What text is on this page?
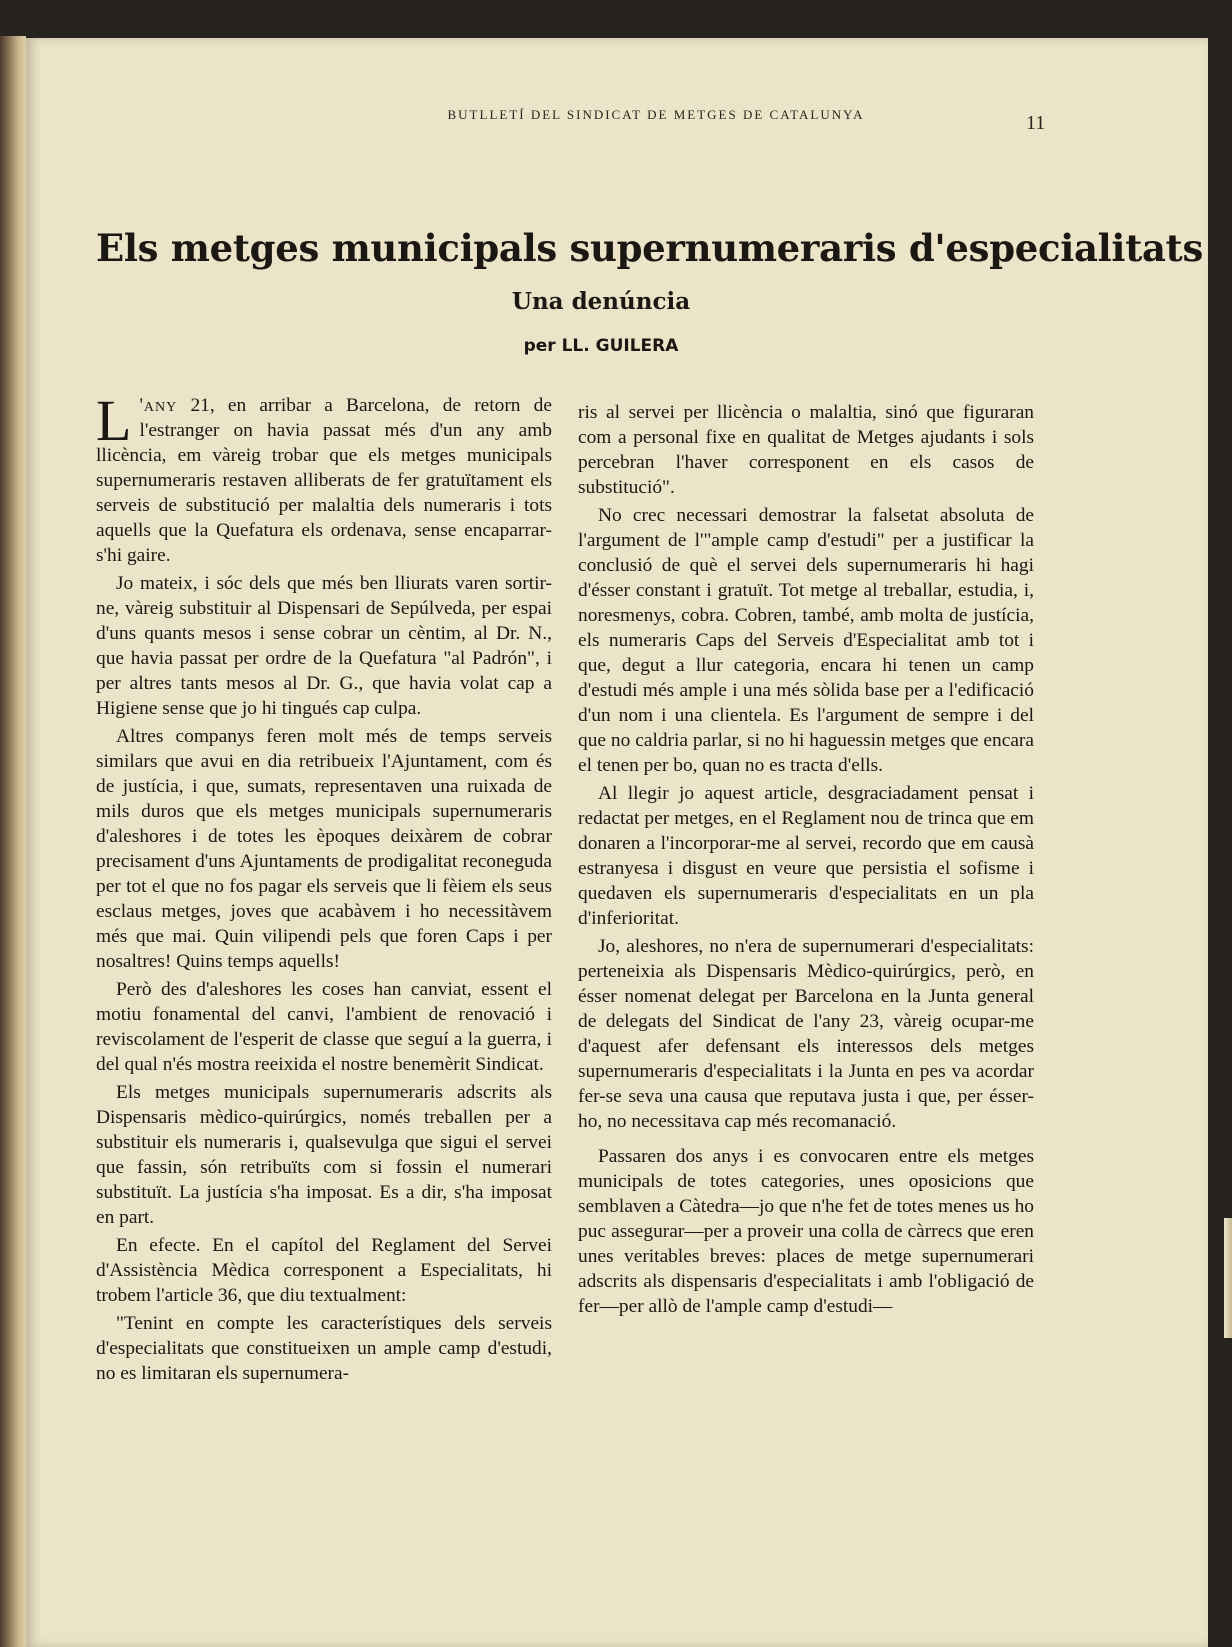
BUTLLETÍ DEL SINDICAT DE METGES DE CATALUNYA	11
Els metges municipals supernumeraris d'especialitats
Una denúncia
per LL. GUILERA

L 'any 21, en arribar a Barcelona, de retorn de l'estranger on havia passat més d'un any amb llicència, em vàreig trobar que els metges municipals supernumeraris restaven alliberats de fer gratuïtament els serveis de substitució per malaltia dels numeraris i tots aquells que la Quefatura els ordenava, sense encaparrar-s'hi gaire.

Jo mateix, i sóc dels que més ben lliurats varen sortir-ne, vàreig substituir al Dispensari de Sepúlveda, per espai d'uns quants mesos i sense cobrar un cèntim, al Dr. N., que havia passat per ordre de la Quefatura "al Padrón", i per altres tants mesos al Dr. G., que havia volat cap a Higiene sense que jo hi tingués cap culpa.

Altres companys feren molt més de temps serveis similars que avui en dia retribueix l'Ajuntament, com és de justícia, i que, sumats, representaven una ruixada de mils duros que els metges municipals supernumeraris d'aleshores i de totes les èpoques deixàrem de cobrar precisament d'uns Ajuntaments de prodigalitat reconeguda per tot el que no fos pagar els serveis que li fèiem els seus esclaus metges, joves que acabàvem i ho necessitàvem més que mai. Quin vilipendi pels que foren Caps i per nosaltres! Quins temps aquells!

Però des d'aleshores les coses han canviat, essent el motiu fonamental del canvi, l'ambient de renovació i reviscolament de l'esperit de classe que seguí a la guerra, i del qual n'és mostra reeixida el nostre benemèrit Sindicat.

Els metges municipals supernumeraris adscrits als Dispensaris mèdico-quirúrgics, només treballen per a substituir els numeraris i, qualsevulga que sigui el servei que fassin, són retribuïts com si fossin el numerari substituït. La justícia s'ha imposat. Es a dir, s'ha imposat en part.

En efecte. En el capítol del Reglament del Servei d'Assistència Mèdica corresponent a Especialitats, hi trobem l'article 36, que diu textualment:

"Tenint en compte les característiques dels serveis d'especialitats que constitueixen un ample camp d'estudi, no es limitaran els supernumera-

ris al servei per llicència o malaltia, sinó que figuraran com a personal fixe en qualitat de Metges ajudants i sols percebran l'haver corresponent en els casos de substitució".

No crec necessari demostrar la falsetat absoluta de l'argument de l'"ample camp d'estudi" per a justificar la conclusió de què el servei dels supernumeraris hi hagi d'ésser constant i gratuït. Tot metge al treballar, estudia, i, noresmenys, cobra. Cobren, també, amb molta de justícia, els numeraris Caps del Serveis d'Especialitat amb tot i que, degut a llur categoria, encara hi tenen un camp d'estudi més ample i una més sòlida base per a l'edificació d'un nom i una clientela. Es l'argument de sempre i del que no caldria parlar, si no hi haguessin metges que encara el tenen per bo, quan no es tracta d'ells.

Al llegir jo aquest article, desgraciadament pensat i redactat per metges, en el Reglament nou de trinca que em donaren a l'incorporar-me al servei, recordo que em causà estranyesa i disgust en veure que persistia el sofisme i quedaven els supernumeraris d'especialitats en un pla d'inferioritat.

Jo, aleshores, no n'era de supernumerari d'especialitats: perteneixia als Dispensaris Mèdico-quirúrgics, però, en ésser nomenat delegat per Barcelona en la Junta general de delegats del Sindicat de l'any 23, vàreig ocupar-me d'aquest afer defensant els interessos dels metges supernumeraris d'especialitats i la Junta en pes va acordar fer-se seva una causa que reputava justa i que, per ésser-ho, no necessitava cap més recomanació.

Passaren dos anys i es convocaren entre els metges municipals de totes categories, unes oposicions que semblaven a Càtedra—jo que n'he fet de totes menes us ho puc assegurar—per a proveir una colla de càrrecs que eren unes veritables breves: places de metge supernumerari adscrits als dispensaris d'especialitats i amb l'obligació de fer—per allò de l'ample camp d'estudi—
